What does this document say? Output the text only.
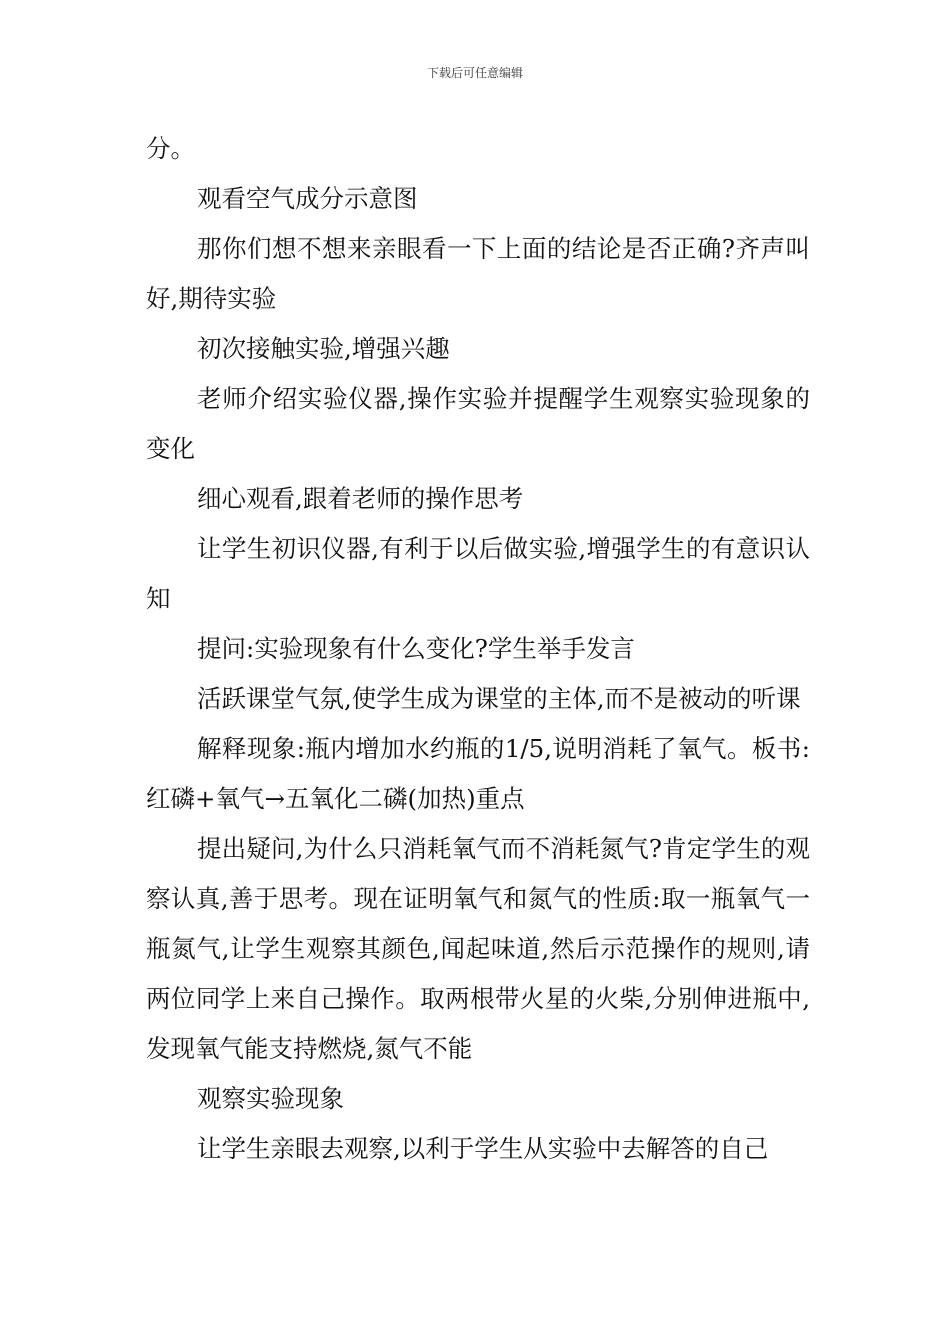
下载后可任意编辑

分。

观看空气成分示意图

那你们想不想来亲眼看一下上面的结论是否正确?齐声叫好,期待实验

初次接触实验,增强兴趣

老师介绍实验仪器,操作实验并提醒学生观察实验现象的变化

细心观看,跟着老师的操作思考

让学生初识仪器,有利于以后做实验,增强学生的有意识认知

提问:实验现象有什么变化?学生举手发言

活跃课堂气氛,使学生成为课堂的主体,而不是被动的听课

解释现象:瓶内增加水约瓶的1/5,说明消耗了氧气。板书:红磷+氧气→五氧化二磷(加热)重点

提出疑问,为什么只消耗氧气而不消耗氮气?肯定学生的观察认真,善于思考。现在证明氧气和氮气的性质:取一瓶氧气一瓶氮气,让学生观察其颜色,闻起味道,然后示范操作的规则,请两位同学上来自己操作。取两根带火星的火柴,分别伸进瓶中,发现氧气能支持燃烧,氮气不能

观察实验现象

让学生亲眼去观察,以利于学生从实验中去解答的自己
